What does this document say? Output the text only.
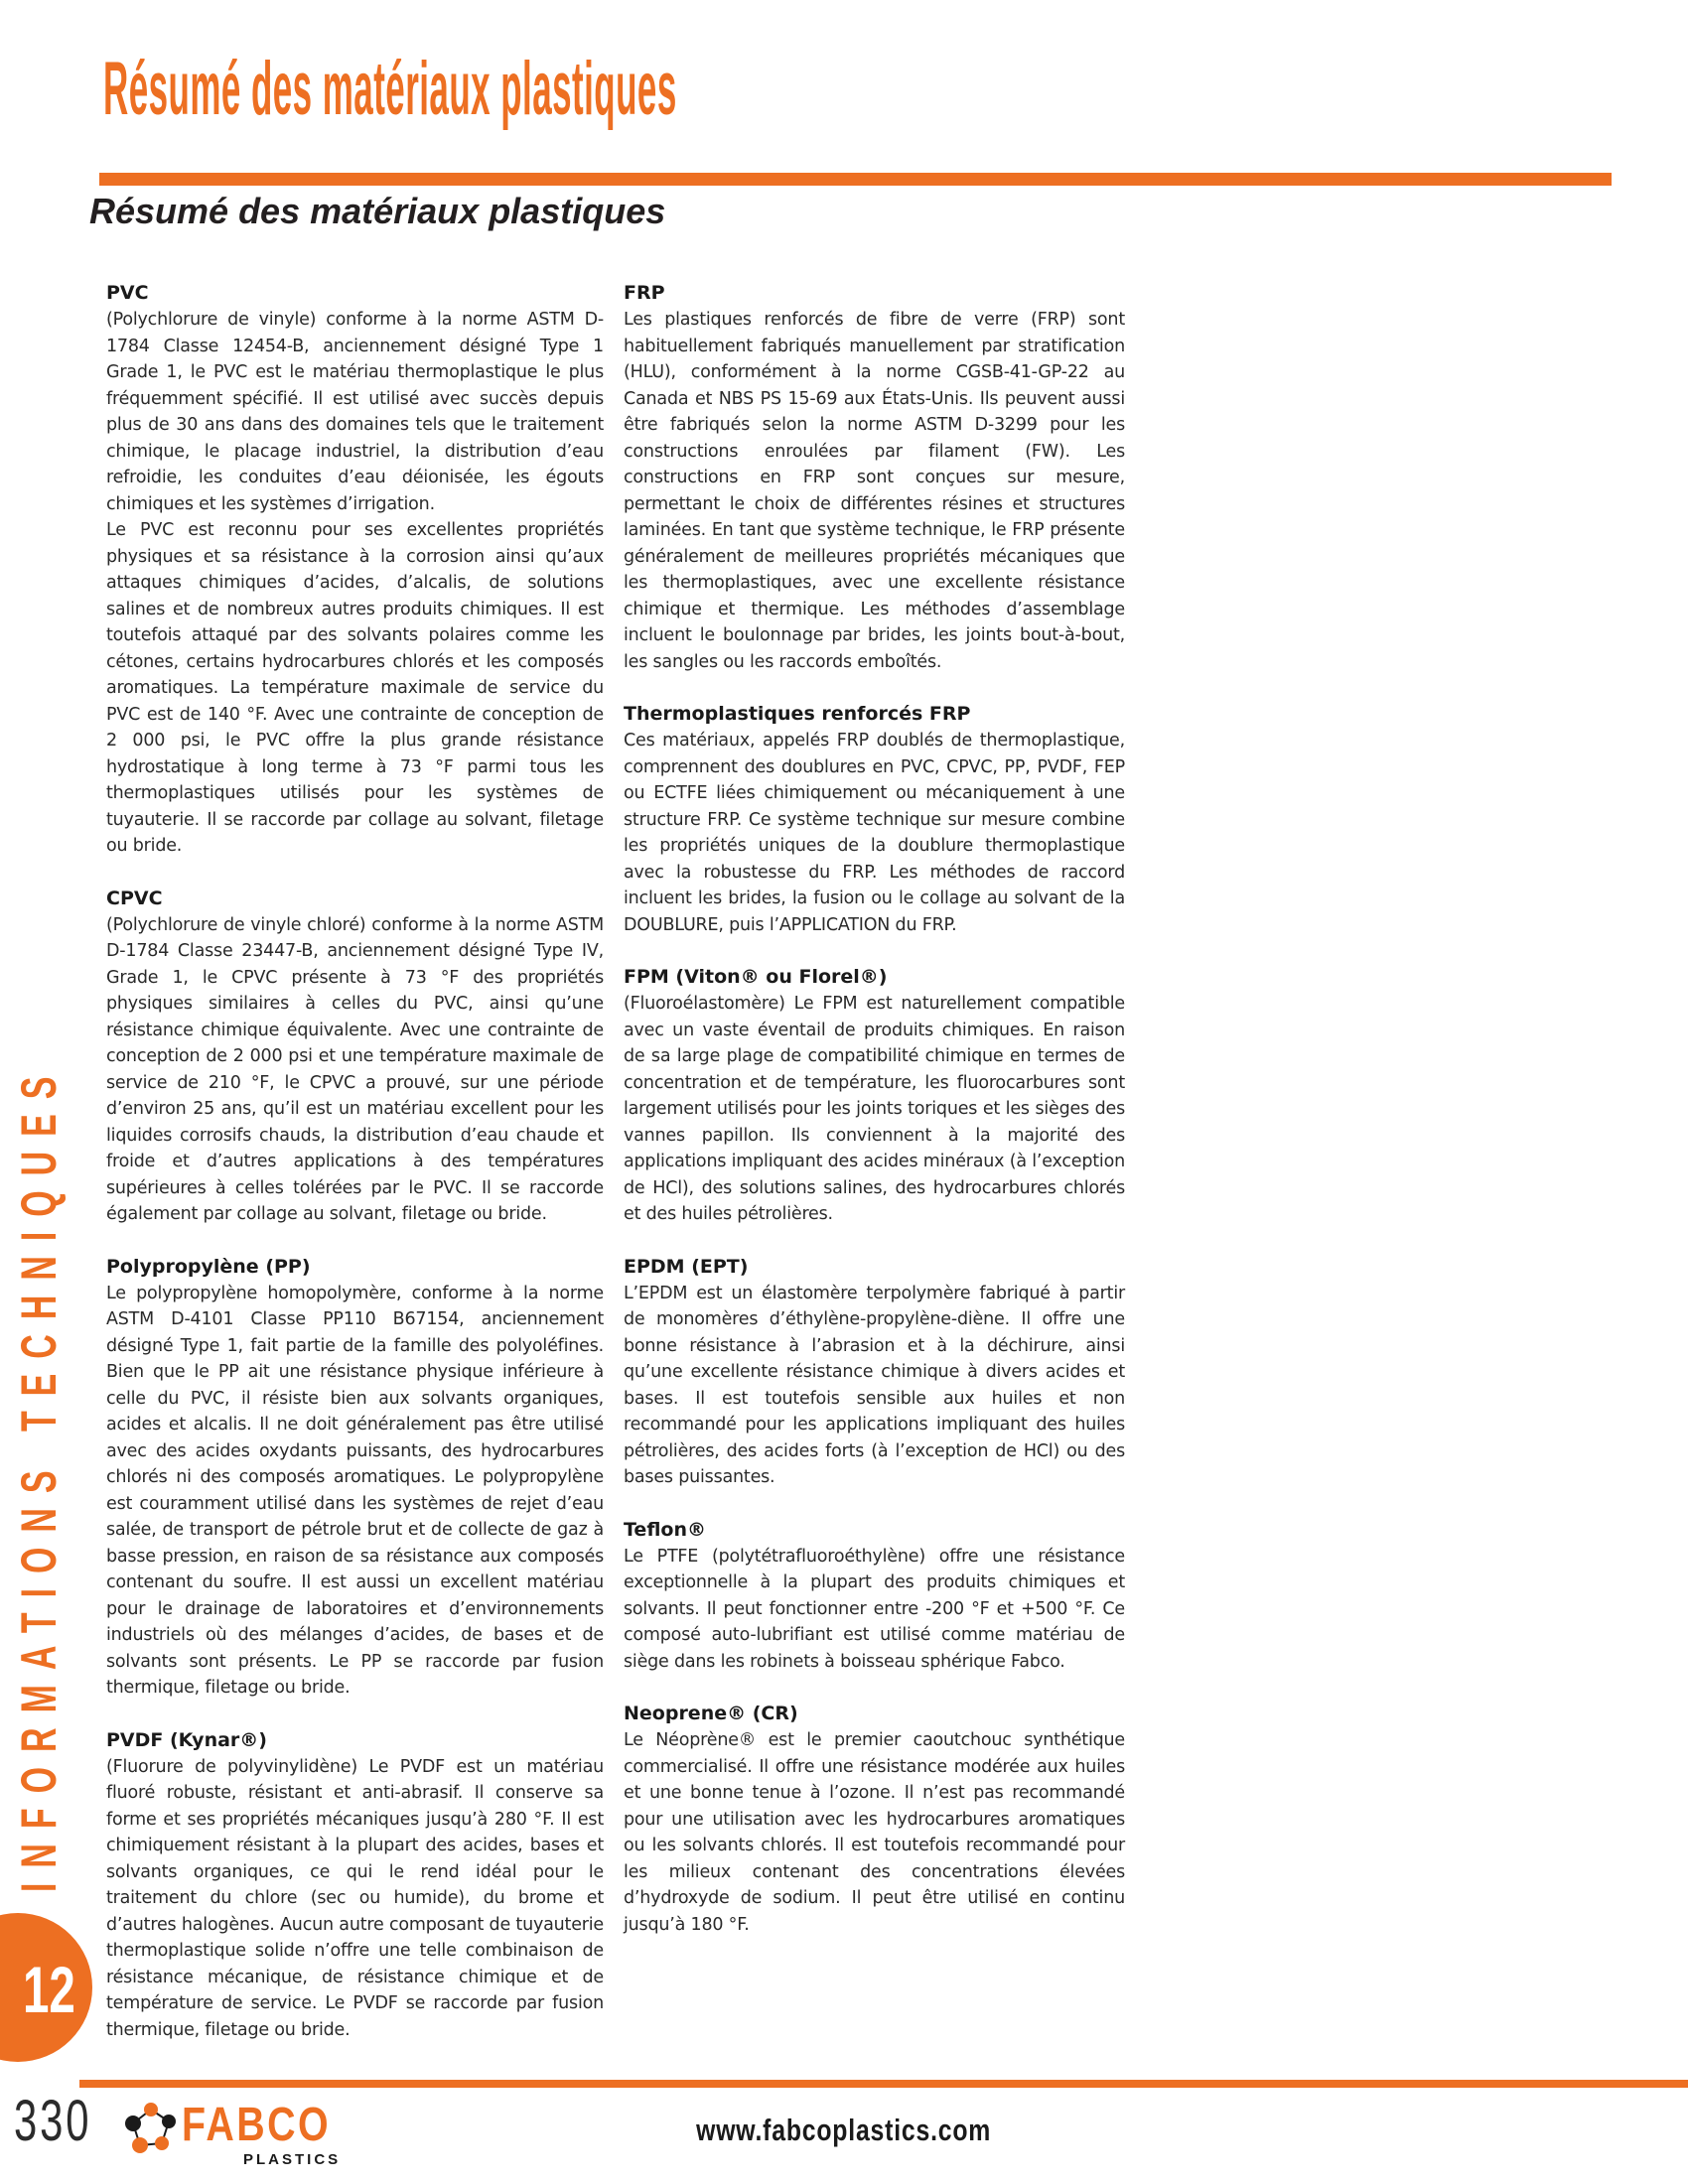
Résumé des matériaux plastiques
Résumé des matériaux plastiques
PVC

(Polychlorure de vinyle) conforme à la norme ASTM D-1784 Classe 12454-B, anciennement désigné Type 1 Grade 1, le PVC est le matériau thermoplastique le plus fréquemment spécifié. Il est utilisé avec succès depuis plus de 30 ans dans des domaines tels que le traitement chimique, le placage industriel, la distribution d’eau refroidie, les conduites d’eau déionisée, les égouts chimiques et les systèmes d’irrigation.

Le PVC est reconnu pour ses excellentes propriétés physiques et sa résistance à la corrosion ainsi qu’aux attaques chimiques d’acides, d’alcalis, de solutions salines et de nombreux autres produits chimiques. Il est toutefois attaqué par des solvants polaires comme les cétones, certains hydrocarbures chlorés et les composés aromatiques. La température maximale de service du PVC est de 140 °F. Avec une contrainte de conception de 2 000 psi, le PVC offre la plus grande résistance hydrostatique à long terme à 73 °F parmi tous les thermoplastiques utilisés pour les systèmes de tuyauterie. Il se raccorde par collage au solvant, filetage ou bride.

CPVC

(Polychlorure de vinyle chloré) conforme à la norme ASTM D-1784 Classe 23447-B, anciennement désigné Type IV, Grade 1, le CPVC présente à 73 °F des propriétés physiques similaires à celles du PVC, ainsi qu’une résistance chimique équivalente. Avec une contrainte de conception de 2 000 psi et une température maximale de service de 210 °F, le CPVC a prouvé, sur une période d’environ 25 ans, qu’il est un matériau excellent pour les liquides corrosifs chauds, la distribution d’eau chaude et froide et d’autres applications à des températures supérieures à celles tolérées par le PVC. Il se raccorde également par collage au solvant, filetage ou bride.

Polypropylène (PP)

Le polypropylène homopolymère, conforme à la norme ASTM D-4101 Classe PP110 B67154, anciennement désigné Type 1, fait partie de la famille des polyoléfines. Bien que le PP ait une résistance physique inférieure à celle du PVC, il résiste bien aux solvants organiques, acides et alcalis. Il ne doit généralement pas être utilisé avec des acides oxydants puissants, des hydrocarbures chlorés ni des composés aromatiques. Le polypropylène est couramment utilisé dans les systèmes de rejet d’eau salée, de transport de pétrole brut et de collecte de gaz à basse pression, en raison de sa résistance aux composés contenant du soufre. Il est aussi un excellent matériau pour le drainage de laboratoires et d’environnements industriels où des mélanges d’acides, de bases et de solvants sont présents. Le PP se raccorde par fusion thermique, filetage ou bride.

PVDF (Kynar®)

(Fluorure de polyvinylidène) Le PVDF est un matériau fluoré robuste, résistant et anti-abrasif. Il conserve sa forme et ses propriétés mécaniques jusqu’à 280 °F. Il est chimiquement résistant à la plupart des acides, bases et solvants organiques, ce qui le rend idéal pour le traitement du chlore (sec ou humide), du brome et d’autres halogènes. Aucun autre composant de tuyauterie thermoplastique solide n’offre une telle combinaison de résistance mécanique, de résistance chimique et de température de service. Le PVDF se raccorde par fusion thermique, filetage ou bride.

FRP

Les plastiques renforcés de fibre de verre (FRP) sont habituellement fabriqués manuellement par stratification (HLU), conformément à la norme CGSB-41-GP-22 au Canada et NBS PS 15-69 aux États-Unis. Ils peuvent aussi être fabriqués selon la norme ASTM D-3299 pour les constructions enroulées par filament (FW). Les constructions en FRP sont conçues sur mesure, permettant le choix de différentes résines et structures laminées. En tant que système technique, le FRP présente généralement de meilleures propriétés mécaniques que les thermoplastiques, avec une excellente résistance chimique et thermique. Les méthodes d’assemblage incluent le boulonnage par brides, les joints bout-à-bout, les sangles ou les raccords emboîtés.

Thermoplastiques renforcés FRP

Ces matériaux, appelés FRP doublés de thermoplastique, comprennent des doublures en PVC, CPVC, PP, PVDF, FEP ou ECTFE liées chimiquement ou mécaniquement à une structure FRP. Ce système technique sur mesure combine les propriétés uniques de la doublure thermoplastique avec la robustesse du FRP. Les méthodes de raccord incluent les brides, la fusion ou le collage au solvant de la DOUBLURE, puis l’APPLICATION du FRP.

FPM (Viton® ou Florel®)

(Fluoroélastomère) Le FPM est naturellement compatible avec un vaste éventail de produits chimiques. En raison de sa large plage de compatibilité chimique en termes de concentration et de température, les fluorocarbures sont largement utilisés pour les joints toriques et les sièges des vannes papillon. Ils conviennent à la majorité des applications impliquant des acides minéraux (à l’exception de HCl), des solutions salines, des hydrocarbures chlorés et des huiles pétrolières.

EPDM (EPT)

L’EPDM est un élastomère terpolymère fabriqué à partir de monomères d’éthylène-propylène-diène. Il offre une bonne résistance à l’abrasion et à la déchirure, ainsi qu’une excellente résistance chimique à divers acides et bases. Il est toutefois sensible aux huiles et non recommandé pour les applications impliquant des huiles pétrolières, des acides forts (à l’exception de HCl) ou des bases puissantes.

Teflon®

Le PTFE (polytétrafluoroéthylène) offre une résistance exceptionnelle à la plupart des produits chimiques et solvants. Il peut fonctionner entre -200 °F et +500 °F. Ce composé auto-lubrifiant est utilisé comme matériau de siège dans les robinets à boisseau sphérique Fabco.

Neoprene® (CR)

Le Néoprène® est le premier caoutchouc synthétique commercialisé. Il offre une résistance modérée aux huiles et une bonne tenue à l’ozone. Il n’est pas recommandé pour une utilisation avec les hydrocarbures aromatiques ou les solvants chlorés. Il est toutefois recommandé pour les milieux contenant des concentrations élevées d’hydroxyde de sodium. Il peut être utilisé en continu jusqu’à 180 °F.

INFORMATIONS TECHNIQUES
12
330 FABCO
PLASTICS
www.fabcoplastics.com
